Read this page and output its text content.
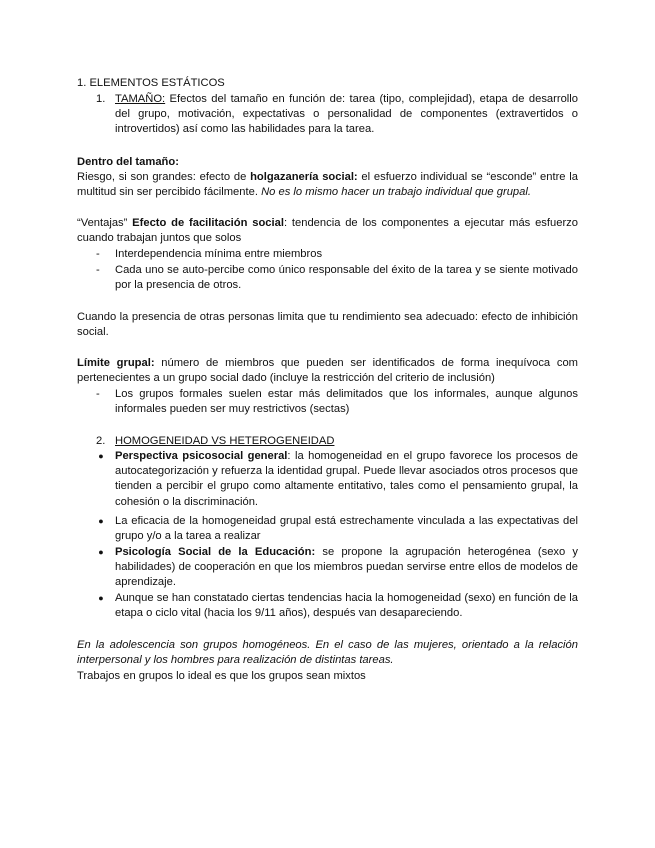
1. ELEMENTOS ESTÁTICOS

1. TAMAÑO: Efectos del tamaño en función de: tarea (tipo, complejidad), etapa de desarrollo del grupo, motivación, expectativas o personalidad de componentes (extravertidos o introvertidos) así como las habilidades para la tarea.

Dentro del tamaño:

Riesgo, si son grandes: efecto de holgazanería social: el esfuerzo individual se “esconde” entre la multitud sin ser percibido fácilmente. No es lo mismo hacer un trabajo individual que grupal.

“Ventajas” Efecto de facilitación social: tendencia de los componentes a ejecutar más esfuerzo cuando trabajan juntos que solos

-	Interdependencia mínima entre miembros

-	Cada uno se auto-percibe como único responsable del éxito de la tarea y se siente motivado por la presencia de otros.

Cuando la presencia de otras personas limita que tu rendimiento sea adecuado: efecto de inhibición social.

Límite grupal: número de miembros que pueden ser identificados de forma inequívoca com pertenecientes a un grupo social dado (incluye la restricción del criterio de inclusión)

-	Los grupos formales suelen estar más delimitados que los informales, aunque algunos informales pueden ser muy restrictivos (sectas)

2. HOMOGENEIDAD VS HETEROGENEIDAD

●	Perspectiva psicosocial general: la homogeneidad en el grupo favorece los procesos de autocategorización y refuerza la identidad grupal. Puede llevar asociados otros procesos que tienden a percibir el grupo como altamente entitativo, tales como el pensamiento grupal, la cohesión o la discriminación.

●	La eficacia de la homogeneidad grupal está estrechamente vinculada a las expectativas del grupo y/o a la tarea a realizar

●	Psicología Social de la Educación: se propone la agrupación heterogénea (sexo y habilidades) de cooperación en que los miembros puedan servirse entre ellos de modelos de aprendizaje.

●	Aunque se han constatado ciertas tendencias hacia la homogeneidad (sexo) en función de la etapa o ciclo vital (hacia los 9/11 años), después van desapareciendo.

En la adolescencia son grupos homogéneos. En el caso de las mujeres, orientado a la relación interpersonal y los hombres para realización de distintas tareas.

Trabajos en grupos lo ideal es que los grupos sean mixtos
